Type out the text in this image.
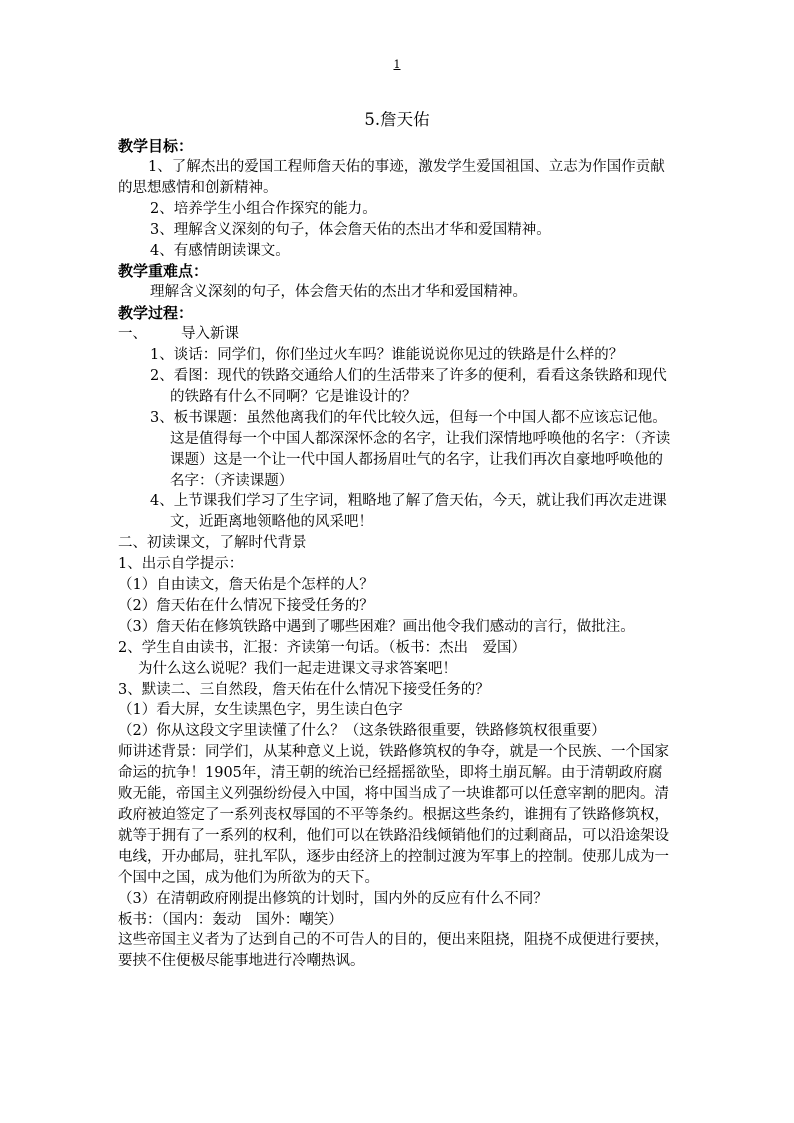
1
5.詹天佑

教学目标：

1、了解杰出的爱国工程师詹天佑的事迹，激发学生爱国祖国、立志为作国作贡献的思想感情和创新精神。

2、培养学生小组合作探究的能力。

3、理解含义深刻的句子，体会詹天佑的杰出才华和爱国精神。

4、有感情朗读课文。

教学重难点：

理解含义深刻的句子，体会詹天佑的杰出才华和爱国精神。

教学过程：

一、 导入新课

1、谈话：同学们，你们坐过火车吗？谁能说说你见过的铁路是什么样的？

2、看图：现代的铁路交通给人们的生活带来了许多的便利，看看这条铁路和现代的铁路有什么不同啊？它是谁设计的？

3、板书课题：虽然他离我们的年代比较久远，但每一个中国人都不应该忘记他。这是值得每一个中国人都深深怀念的名字，让我们深情地呼唤他的名字：（齐读课题）这是一个让一代中国人都扬眉吐气的名字，让我们再次自豪地呼唤他的名字：（齐读课题）

4、上节课我们学习了生字词，粗略地了解了詹天佑，今天，就让我们再次走进课文，近距离地领略他的风采吧！

二、初读课文，了解时代背景

1、出示自学提示：

（1）自由读文，詹天佑是个怎样的人？

（2）詹天佑在什么情况下接受任务的？

（3）詹天佑在修筑铁路中遇到了哪些困难？画出他令我们感动的言行，做批注。

2、学生自由读书，汇报：齐读第一句话。（板书：杰出　爱国）

为什么这么说呢？我们一起走进课文寻求答案吧！

3、默读二、三自然段，詹天佑在什么情况下接受任务的？

（1）看大屏，女生读黑色字，男生读白色字

（2）你从这段文字里读懂了什么？（这条铁路很重要，铁路修筑权很重要）

师讲述背景：同学们，从某种意义上说，铁路修筑权的争夺，就是一个民族、一个国家命运的抗争！1905年，清王朝的统治已经摇摇欲坠，即将土崩瓦解。由于清朝政府腐败无能，帝国主义列强纷纷侵入中国，将中国当成了一块谁都可以任意宰割的肥肉。清政府被迫签定了一系列丧权辱国的不平等条约。根据这些条约，谁拥有了铁路修筑权，就等于拥有了一系列的权利，他们可以在铁路沿线倾销他们的过剩商品，可以沿途架设电线，开办邮局，驻扎军队，逐步由经济上的控制过渡为军事上的控制。使那儿成为一个国中之国，成为他们为所欲为的天下。

（3）在清朝政府刚提出修筑的计划时，国内外的反应有什么不同？

板书：（国内：轰动　国外：嘲笑）

这些帝国主义者为了达到自己的不可告人的目的，便出来阻挠，阻挠不成便进行要挟，要挟不住便极尽能事地进行冷嘲热讽。
